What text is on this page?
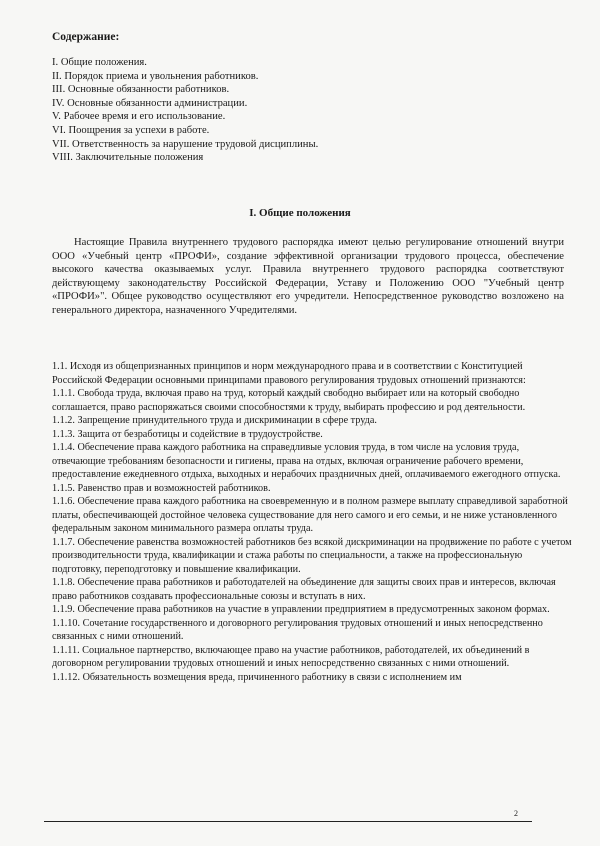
Содержание:
I. Общие положения.
II. Порядок приема и увольнения работников.
III. Основные обязанности работников.
IV. Основные обязанности администрации.
V. Рабочее время и его использование.
VI. Поощрения за успехи в работе.
VII. Ответственность за нарушение трудовой дисциплины.
VIII. Заключительные положения
I. Общие положения
Настоящие Правила внутреннего трудового распорядка имеют целью регулирование отношений внутри ООО «Учебный центр «ПРОФИ», создание эффективной организации трудового процесса, обеспечение высокого качества оказываемых услуг. Правила внутреннего трудового распорядка соответствуют действующему законодательству Российской Федерации, Уставу и Положению ООО "Учебный центр «ПРОФИ»". Общее руководство осуществляют его учредители. Непосредственное руководство возложено на генерального директора, назначенного Учредителями.
1.1. Исходя из общепризнанных принципов и норм международного права и в соответствии с Конституцией Российской Федерации основными принципами правового регулирования трудовых отношений признаются:
1.1.1. Свобода труда, включая право на труд, который каждый свободно выбирает или на который свободно соглашается, право распоряжаться своими способностями к труду, выбирать профессию и род деятельности.
1.1.2. Запрещение принудительного труда и дискриминации в сфере труда.
1.1.3. Защита от безработицы и содействие в трудоустройстве.
1.1.4. Обеспечение права каждого работника на справедливые условия труда, в том числе на условия труда, отвечающие требованиям безопасности и гигиены, права на отдых, включая ограничение рабочего времени, предоставление ежедневного отдыха, выходных и нерабочих праздничных дней, оплачиваемого ежегодного отпуска.
1.1.5. Равенство прав и возможностей работников.
1.1.6. Обеспечение права каждого работника на своевременную и в полном размере выплату справедливой заработной платы, обеспечивающей достойное человека существование для него самого и его семьи, и не ниже установленного федеральным законом минимального размера оплаты труда.
1.1.7. Обеспечение равенства возможностей работников без всякой дискриминации на продвижение по работе с учетом производительности труда, квалификации и стажа работы по специальности, а также на профессиональную подготовку, переподготовку и повышение квалификации.
1.1.8. Обеспечение права работников и работодателей на объединение для защиты своих прав и интересов, включая право работников создавать профессиональные союзы и вступать в них.
1.1.9. Обеспечение права работников на участие в управлении предприятием в предусмотренных законом формах.
1.1.10. Сочетание государственного и договорного регулирования трудовых отношений и иных непосредственно связанных с ними отношений.
1.1.11. Социальное партнерство, включающее право на участие работников, работодателей, их объединений в договорном регулировании трудовых отношений и иных непосредственно связанных с ними отношений.
1.1.12. Обязательность возмещения вреда, причиненного работнику в связи с исполнением им
2
